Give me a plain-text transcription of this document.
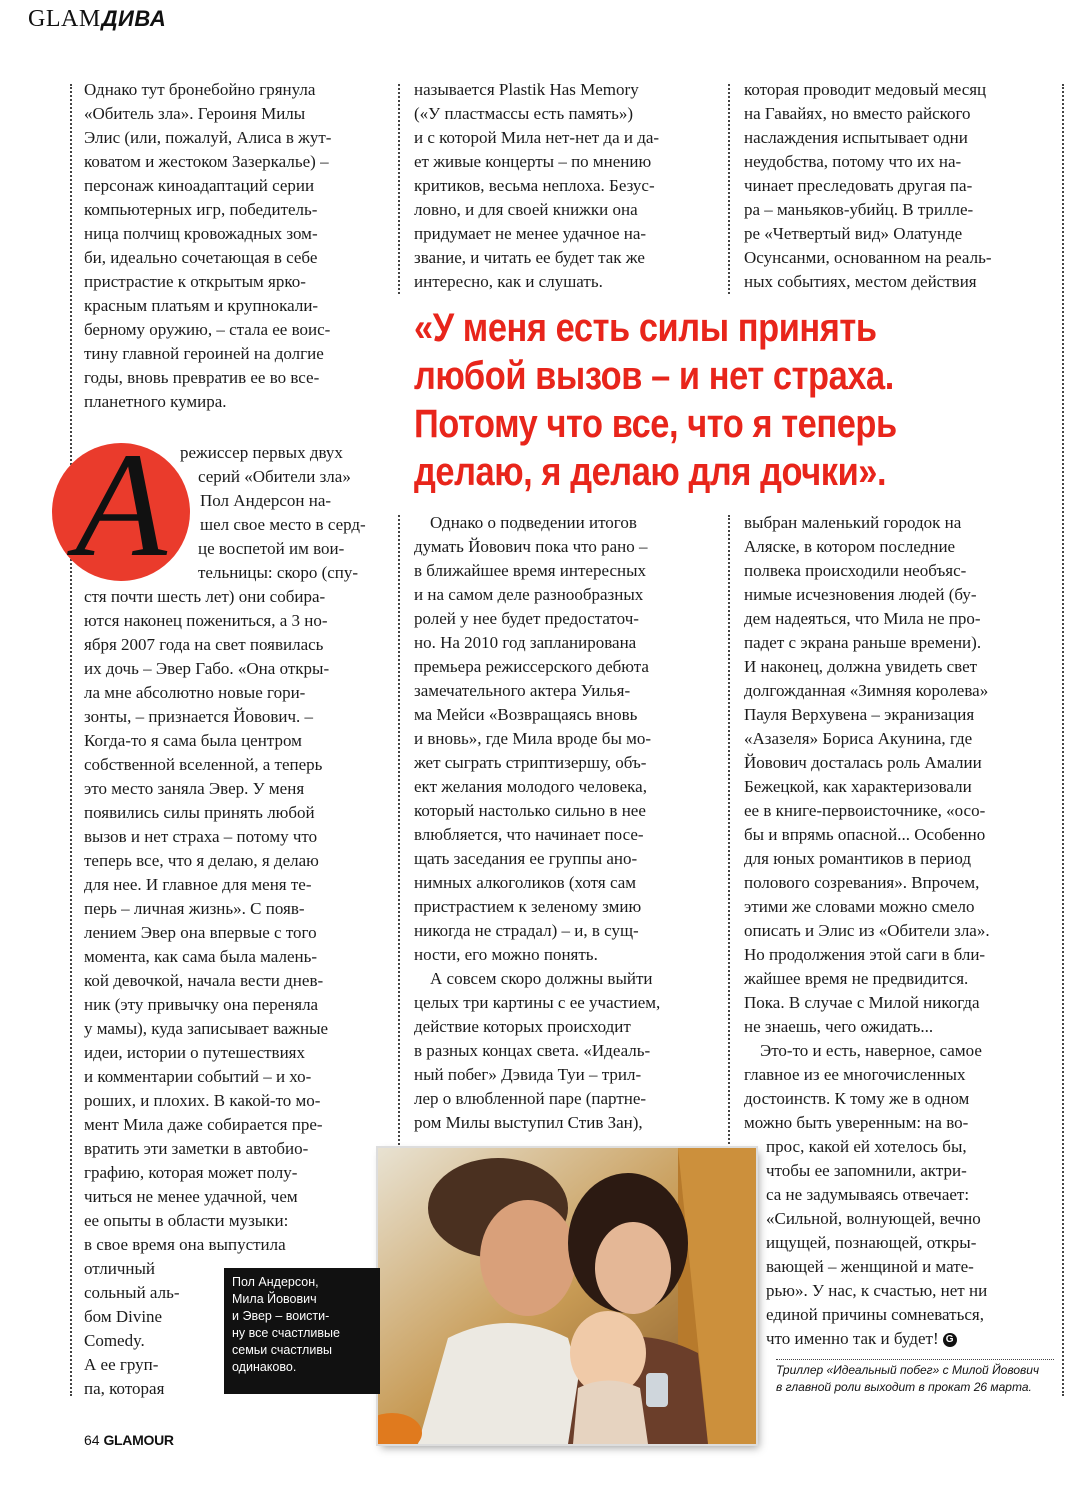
GLAMДИВА

Однако тут бронебойно грянула

«Обитель зла». Героиня Милы

Элис (или, пожалуй, Алиса в жут-

коватом и жестоком Зазеркалье) –

персонаж киноадаптаций серии

компьютерных игр, победитель-

ница полчищ кровожадных зом-

би, идеально сочетающая в себе

пристрастие к открытым ярко-

красным платьям и крупнокали-

берному оружию, – стала ее воис-

тину главной героиней на долгие

годы, вновь превратив ее во все-

планетного кумира.

А режиссер первых двух

серий «Обители зла»

Пол Андерсон на-

шел свое место в серд-

це воспетой им вои-

тельницы: скоро (спу-

стя почти шесть лет) они собира-

ются наконец пожениться, а 3 но-

ября 2007 года на свет появилась

их дочь – Эвер Габо. «Она откры-

ла мне абсолютно новые гори-

зонты, – признается Йовович. –

Когда-то я сама была центром

собственной вселенной, а теперь

это место заняла Эвер. У меня

появились силы принять любой

вызов и нет страха – потому что

теперь все, что я делаю, я делаю

для нее. И главное для меня те-

перь – личная жизнь». С появ-

лением Эвер она впервые с того

момента, как сама была малень-

кой девочкой, начала вести днев-

ник (эту привычку она переняла

у мамы), куда записывает важные

идеи, истории о путешествиях

и комментарии событий – и хо-

роших, и плохих. В какой-то мо-

мент Мила даже собирается пре-

вратить эти заметки в автобио-

графию, которая может полу-

читься не менее удачной, чем

ее опыты в области музыки:

в свое время она выпустила

отличный

сольный аль-

бом Divine

Comedy.

А ее груп-

па, которая

называется Plastik Has Memory

(«У пластмассы есть память»)

и с которой Мила нет-нет да и да-

ет живые концерты – по мнению

критиков, весьма неплоха. Безус-

ловно, и для своей книжки она

придумает не менее удачное на-

звание, и читать ее будет так же

интересно, как и слушать.

которая проводит медовый месяц

на Гавайях, но вместо райского

наслаждения испытывает одни

неудобства, потому что их на-

чинает преследовать другая па-

ра – маньяков-убийц. В трилле-

ре «Четвертый вид» Олатунде

Осунсанми, основанном на реаль-

ных событиях, местом действия

«У меня есть силы принять
любой вызов – и нет страха.
Потому что все, что я теперь
делаю, я делаю для дочки».

Однако о подведении итогов

думать Йовович пока что рано –

в ближайшее время интересных

и на самом деле разнообразных

ролей у нее будет предостаточ-

но. На 2010 год запланирована

премьера режиссерского дебюта

замечательного актера Уилья-

ма Мейси «Возвращаясь вновь

и вновь», где Мила вроде бы мо-

жет сыграть стриптизершу, объ-

ект желания молодого человека,

который настолько сильно в нее

влюбляется, что начинает посе-

щать заседания ее группы ано-

нимных алкоголиков (хотя сам

пристрастием к зеленому змию

никогда не страдал) – и, в сущ-

ности, его можно понять.

А совсем скоро должны выйти

целых три картины с ее участием,

действие которых происходит

в разных концах света. «Идеаль-

ный побег» Дэвида Туи – трил-

лер о влюбленной паре (партне-

ром Милы выступил Стив Зан),

выбран маленький городок на

Аляске, в котором последние

полвека происходили необъяс-

нимые исчезновения людей (бу-

дем надеяться, что Мила не про-

падет с экрана раньше времени).

И наконец, должна увидеть свет

долгожданная «Зимняя королева»

Пауля Верхувена – экранизация

«Азазеля» Бориса Акунина, где

Йовович досталась роль Амалии

Бежецкой, как характеризовали

ее в книге-первоисточнике, «осо-

бы и впрямь опасной... Особенно

для юных романтиков в период

полового созревания». Впрочем,

этими же словами можно смело

описать и Элис из «Обители зла».

Но продолжения этой саги в бли-

жайшее время не предвидится.

Пока. В случае с Милой никогда

не знаешь, чего ожидать...

Это-то и есть, наверное, самое

главное из ее многочисленных

достоинств. К тому же в одном

можно быть уверенным: на во-

прос, какой ей хотелось бы,

чтобы ее запомнили, актри-

са не задумываясь отвечает:

«Сильной, волнующей, вечно

ищущей, познающей, откры-

вающей – женщиной и мате-

рью». У нас, к счастью, нет ни

единой причины сомневаться,

что именно так и будет! G

Пол Андерсон,
Мила Йовович
и Эвер – воисти-
ну все счастливые
семьи счастливы
одинаково.	Триллер «Идеальный побег» с Милой Йовович
в главной роли выходит в прокат 26 марта.
64 GLAMOUR
